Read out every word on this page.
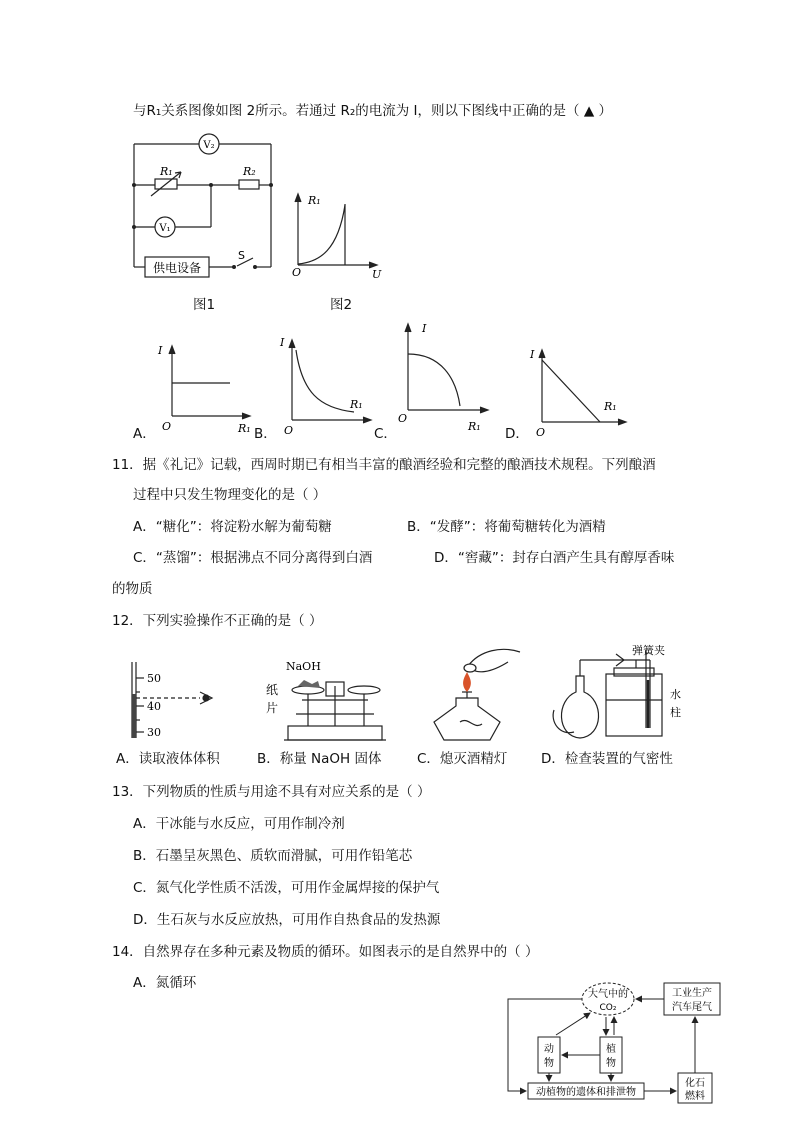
与R₁关系图像如图 2所示。若通过 R₂的电流为 I，则以下图线中正确的是（ ▲ ）
V₂
V₁
R₁	R₂
S
供电设备
图1
R₁
O	U
图2
A．
I
O	R₁ B．
I
O
R₁
C．
I
O
R₁ D．
I
O
R₁
11．据《礼记》记载，西周时期已有相当丰富的酿酒经验和完整的酿酒技术规程。下列酿酒
过程中只发生物理变化的是（ ）
A．“糖化”：将淀粉水解为葡萄糖	B．“发酵”：将葡萄糖转化为酒精
C．“蒸馏”：根据沸点不同分离得到白酒	D．“窖藏”：封存白酒产生具有醇厚香味
的物质
12．下列实验操作不正确的是（ ）
50
40
30
NaOH
纸
片
弹簧夹
水
柱
A．读取液体体积	B．称量 NaOH 固体	C．熄灭酒精灯 D．检查装置的气密性
13．下列物质的性质与用途不具有对应关系的是（ ）
A．干冰能与水反应，可用作制冷剂
B．石墨呈灰黑色、质软而滑腻，可用作铅笔芯
C．氮气化学性质不活泼，可用作金属焊接的保护气
D．生石灰与水反应放热，可用作自热食品的发热源
14．自然界存在多种元素及物质的循环。如图表示的是自然界中的（ ）
A．氮循环
大气中的
CO₂
工业生产
汽车尾气
动
物
植
物
动植物的遗体和排泄物
化石
燃料
